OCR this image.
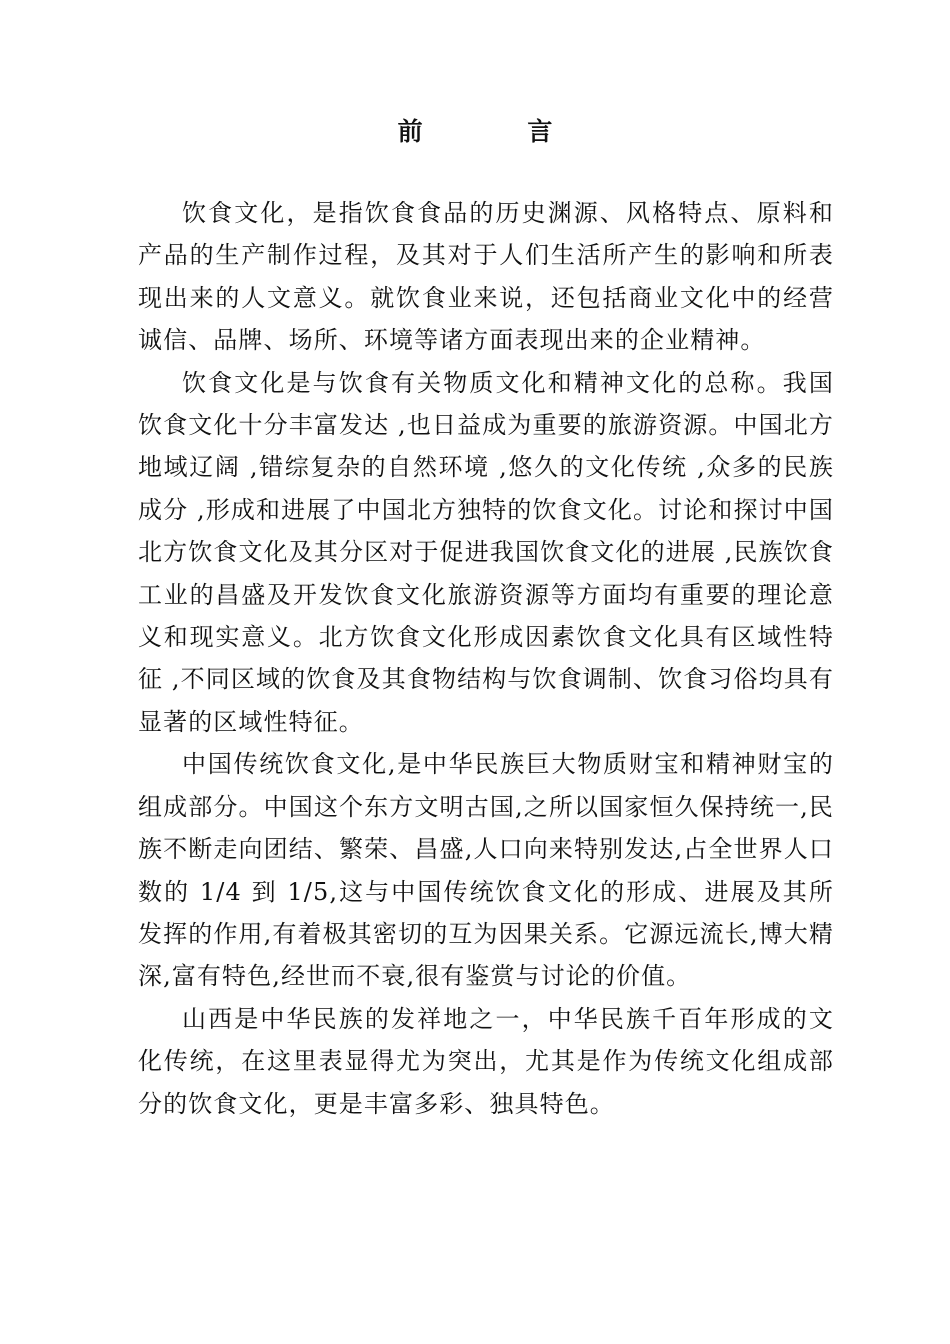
前 言

饮食文化，是指饮食食品的历史渊源、风格特点、原料和产品的生产制作过程，及其对于人们生活所产生的影响和所表现出来的人文意义。就饮食业来说，还包括商业文化中的经营诚信、品牌、场所、环境等诸方面表现出来的企业精神。

饮食文化是与饮食有关物质文化和精神文化的总称。我国饮食文化十分丰富发达 ,也日益成为重要的旅游资源。中国北方地域辽阔 ,错综复杂的自然环境 ,悠久的文化传统 ,众多的民族成分 ,形成和进展了中国北方独特的饮食文化。讨论和探讨中国北方饮食文化及其分区对于促进我国饮食文化的进展 ,民族饮食工业的昌盛及开发饮食文化旅游资源等方面均有重要的理论意义和现实意义。北方饮食文化形成因素饮食文化具有区域性特征 ,不同区域的饮食及其食物结构与饮食调制、饮食习俗均具有显著的区域性特征。

中国传统饮食文化,是中华民族巨大物质财宝和精神财宝的组成部分。中国这个东方文明古国,之所以国家恒久保持统一,民族不断走向团结、繁荣、昌盛,人口向来特别发达,占全世界人口数的 1/4 到 1/5,这与中国传统饮食文化的形成、进展及其所发挥的作用,有着极其密切的互为因果关系。它源远流长,博大精深,富有特色,经世而不衰,很有鉴赏与讨论的价值。

山西是中华民族的发祥地之一，中华民族千百年形成的文化传统，在这里表显得尤为突出，尤其是作为传统文化组成部分的饮食文化，更是丰富多彩、独具特色。
